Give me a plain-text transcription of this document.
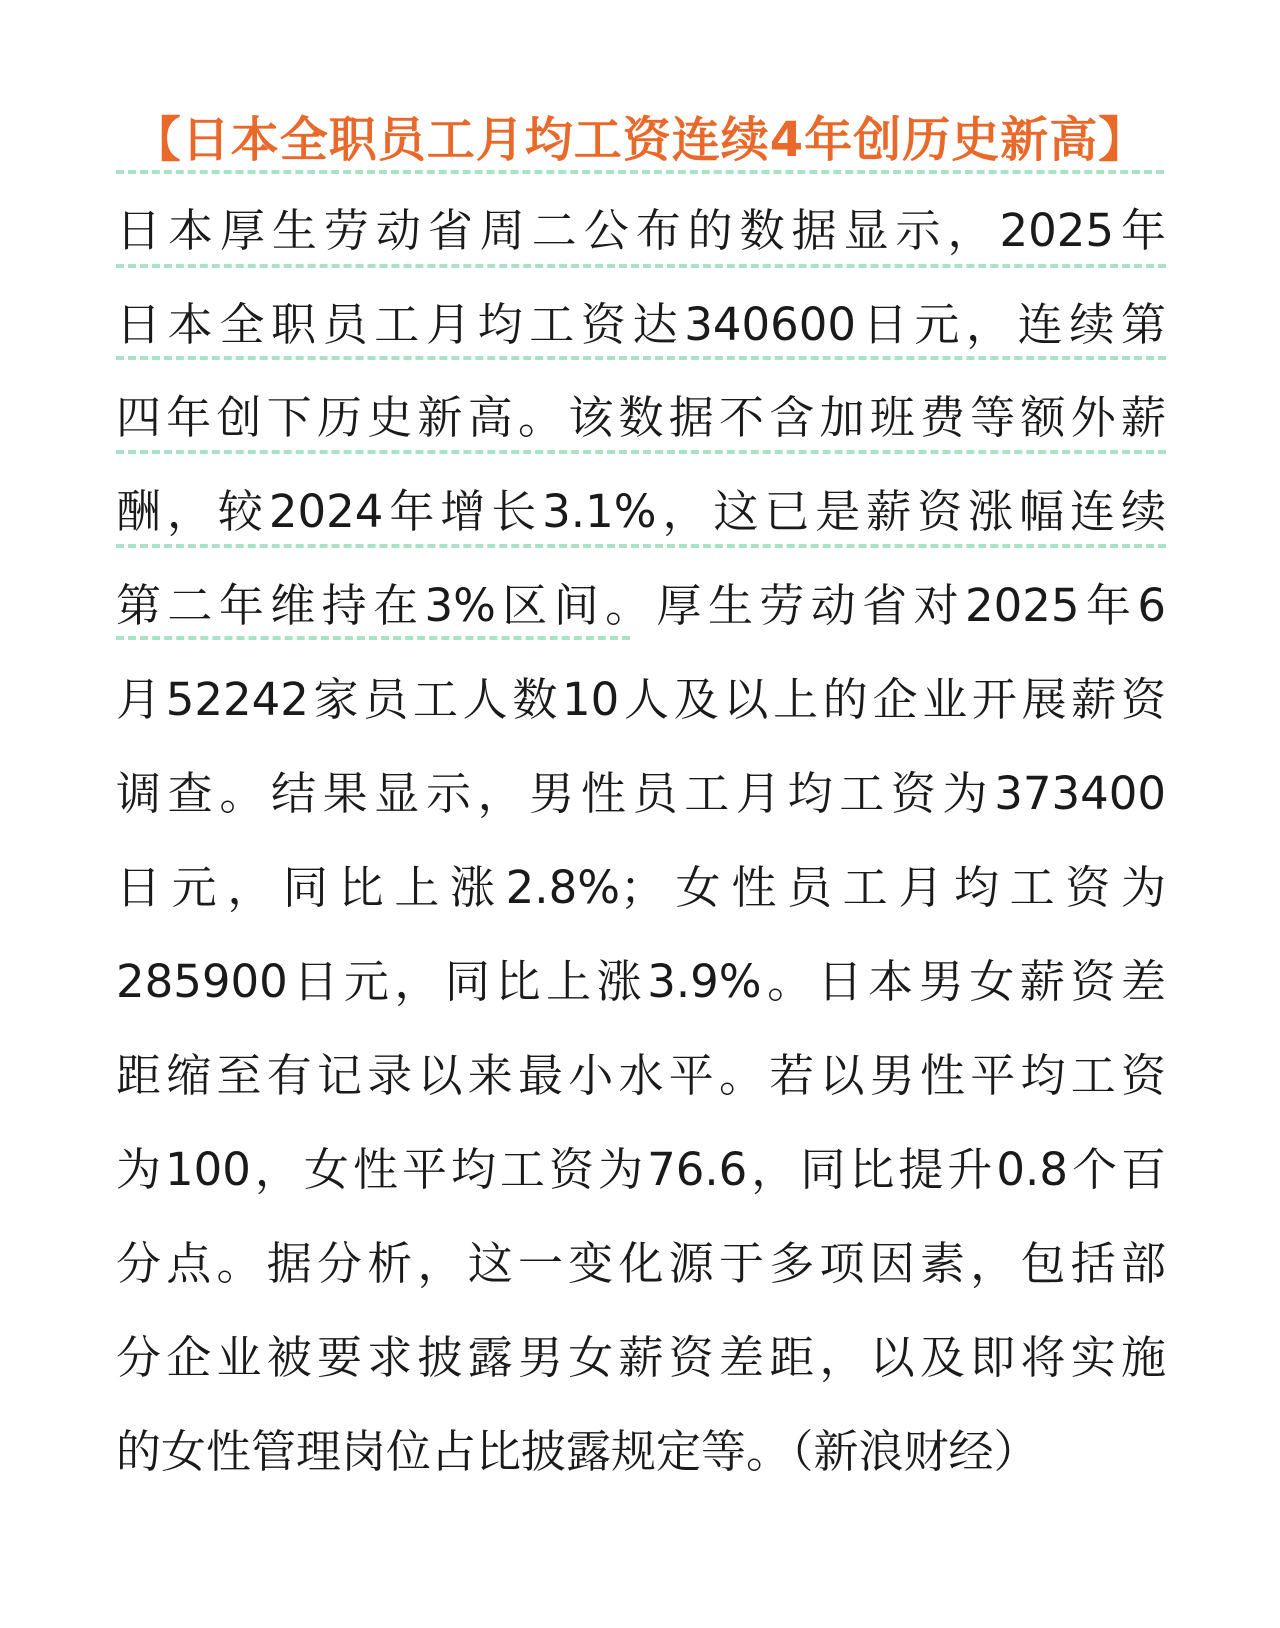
【日本全职员工月均工资连续4年创历史新高】
日本厚生劳动省周二公布的数据显示，2025年
日本全职员工月均工资达340600日元，连续第
四年创下历史新高。该数据不含加班费等额外薪
酬，较2024年增长3.1%，这已是薪资涨幅连续
第二年维持在3%区间。厚生劳动省对2025年6
月52242家员工人数10人及以上的企业开展薪资
调查。结果显示，男性员工月均工资为373400
日元，同比上涨2.8%；女性员工月均工资为
285900日元，同比上涨3.9%。日本男女薪资差
距缩至有记录以来最小水平。若以男性平均工资
为100，女性平均工资为76.6，同比提升0.8个百
分点。据分析，这一变化源于多项因素，包括部
分企业被要求披露男女薪资差距，以及即将实施
的女性管理岗位占比披露规定等。（新浪财经）
